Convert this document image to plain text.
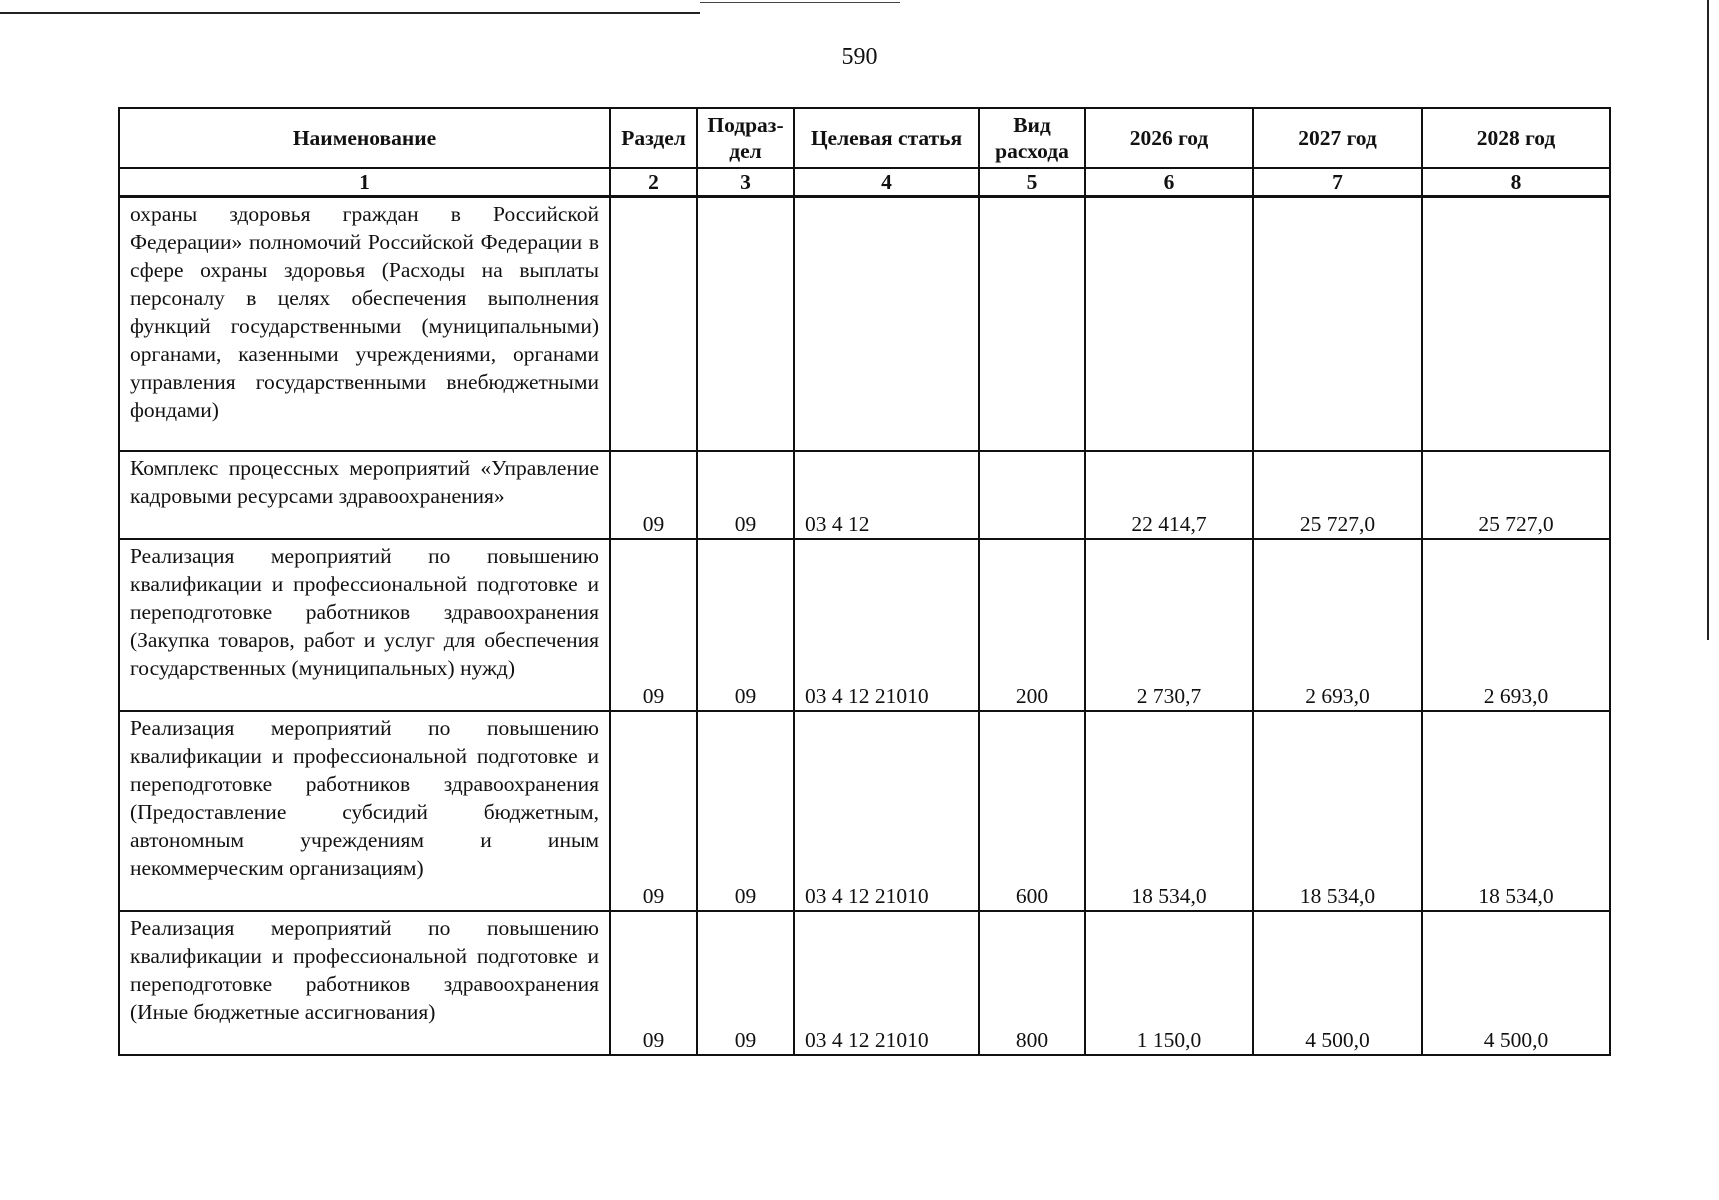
590
Наименование	Раздел	Подраз-дел	Целевая статья	Вид расхода	2026 год	2027 год	2028 год
1	2	3	4	5	6	7	8
охраны здоровья граждан в Российской Федерации» полномочий Российской Федерации в сфере охраны здоровья (Расходы на выплаты персоналу в целях обеспечения выполнения функций государственными (муниципальными) органами, казенными учреждениями, органами управления государственными внебюджетными фондами)							
Комплекс процессных мероприятий «Управление кадровыми ресурсами здравоохранения»	09	09	03 4 12		22 414,7	25 727,0	25 727,0
Реализация мероприятий по повышению квалификации и профессиональной подготовке и переподготовке работников здравоохранения (Закупка товаров, работ и услуг для обеспечения государственных (муниципальных) нужд)	09	09	03 4 12 21010	200	2 730,7	2 693,0	2 693,0
Реализация мероприятий по повышению квалификации и профессиональной подготовке и переподготовке работников здравоохранения (Предоставление субсидий бюджетным, автономным учреждениям и иным некоммерческим организациям)	09	09	03 4 12 21010	600	18 534,0	18 534,0	18 534,0
Реализация мероприятий по повышению квалификации и профессиональной подготовке и переподготовке работников здравоохранения (Иные бюджетные ассигнования)	09	09	03 4 12 21010	800	1 150,0	4 500,0	4 500,0
